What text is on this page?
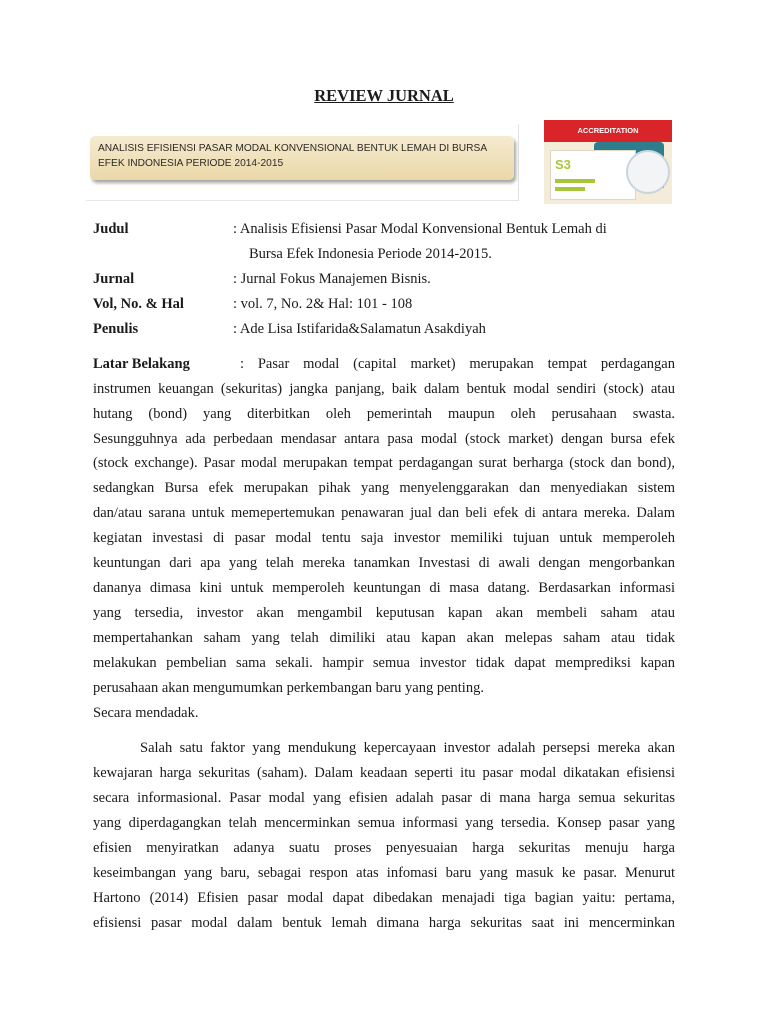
REVIEW JURNAL
ANALISIS EFISIENSI PASAR MODAL KONVENSIONAL BENTUK LEMAH DI BURSA
EFEK INDONESIA PERIODE 2014-2015
ACCREDITATION
S3
Judul	: Analisis Efisiensi Pasar Modal Konvensional Bentuk Lemah di
Bursa Efek Indonesia Periode 2014-2015.
Jurnal	: Jurnal Fokus Manajemen Bisnis.
Vol, No. & Hal	: vol. 7, No. 2& Hal: 101 - 108
Penulis	: Ade Lisa Istifarida&Salamatun Asakdiyah
Latar Belakang	: Pasar modal (capital market) merupakan tempat perdagangan
instrumen keuangan (sekuritas) jangka panjang, baik dalam bentuk modal sendiri (stock) atau
hutang (bond) yang diterbitkan oleh pemerintah maupun oleh perusahaan swasta.
Sesungguhnya ada perbedaan mendasar antara pasa modal (stock market) dengan bursa efek
(stock exchange). Pasar modal merupakan tempat perdagangan surat berharga (stock dan bond),
sedangkan Bursa efek merupakan pihak yang menyelenggarakan dan menyediakan sistem
dan/atau sarana untuk memepertemukan penawaran jual dan beli efek di antara mereka. Dalam
kegiatan investasi di pasar modal tentu saja investor memiliki tujuan untuk memperoleh
keuntungan dari apa yang telah mereka tanamkan Investasi di awali dengan mengorbankan
dananya dimasa kini untuk memperoleh keuntungan di masa datang. Berdasarkan informasi
yang tersedia, investor akan mengambil keputusan kapan akan membeli saham atau
mempertahankan saham yang telah dimiliki atau kapan akan melepas saham atau tidak
melakukan pembelian sama sekali. hampir semua investor tidak dapat memprediksi kapan
perusahaan akan mengumumkan perkembangan baru yang penting.
Secara mendadak.
Salah satu faktor yang mendukung kepercayaan investor adalah persepsi mereka akan
kewajaran harga sekuritas (saham). Dalam keadaan seperti itu pasar modal dikatakan efisiensi
secara informasional. Pasar modal yang efisien adalah pasar di mana harga semua sekuritas
yang diperdagangkan telah mencerminkan semua informasi yang tersedia. Konsep pasar yang
efisien menyiratkan adanya suatu proses penyesuaian harga sekuritas menuju harga
keseimbangan yang baru, sebagai respon atas infomasi baru yang masuk ke pasar. Menurut
Hartono (2014) Efisien pasar modal dapat dibedakan menajadi tiga bagian yaitu: pertama,
efisiensi pasar modal dalam bentuk lemah dimana harga sekuritas saat ini mencerminkan
